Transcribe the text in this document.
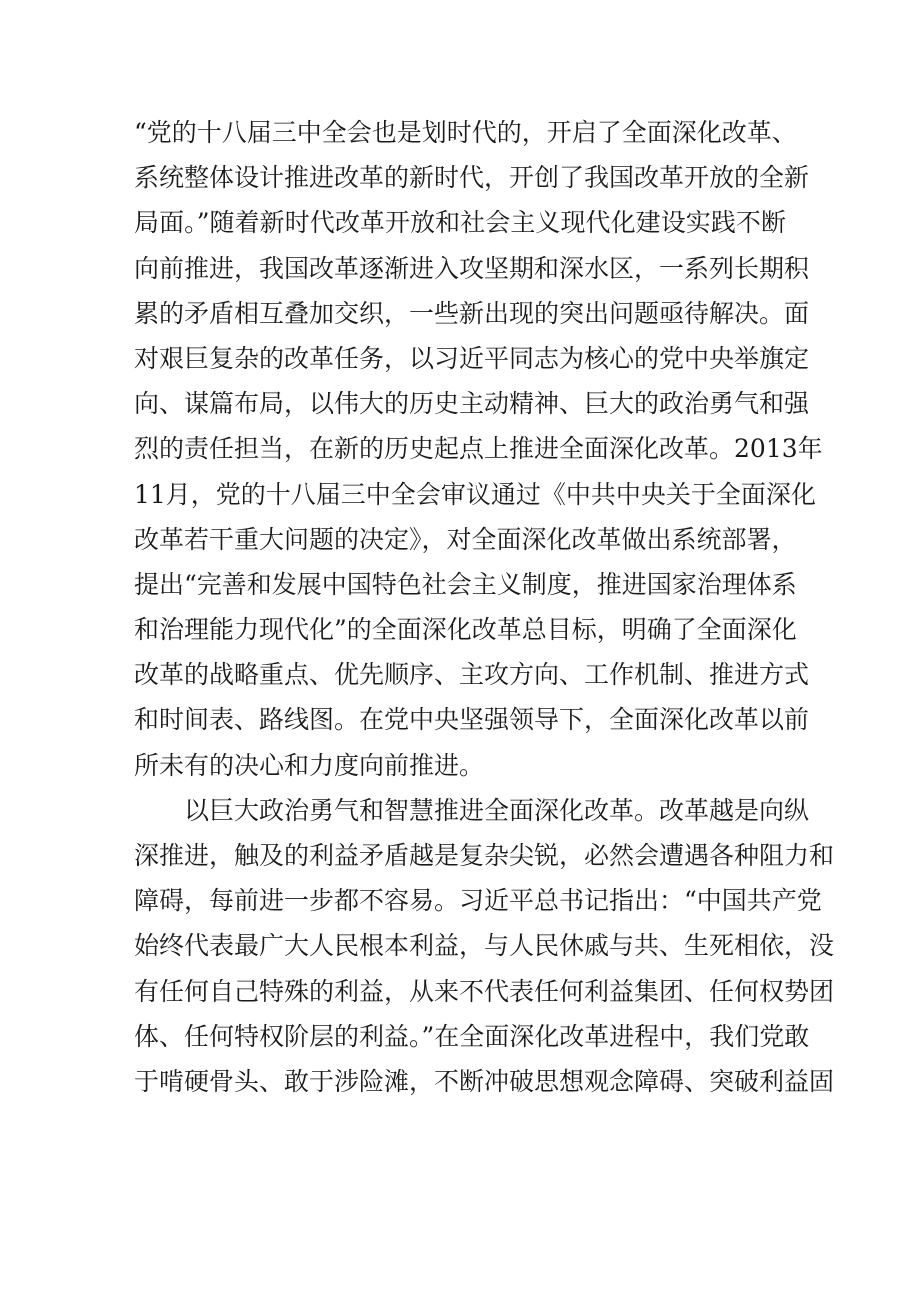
“党的十八届三中全会也是划时代的，开启了全面深化改革、
系统整体设计推进改革的新时代，开创了我国改革开放的全新
局面。”随着新时代改革开放和社会主义现代化建设实践不断
向前推进，我国改革逐渐进入攻坚期和深水区，一系列长期积
累的矛盾相互叠加交织，一些新出现的突出问题亟待解决。面
对艰巨复杂的改革任务，以习近平同志为核心的党中央举旗定
向、谋篇布局，以伟大的历史主动精神、巨大的政治勇气和强
烈的责任担当，在新的历史起点上推进全面深化改革。2013年
11月，党的十八届三中全会审议通过《中共中央关于全面深化
改革若干重大问题的决定》，对全面深化改革做出系统部署，
提出“完善和发展中国特色社会主义制度，推进国家治理体系
和治理能力现代化”的全面深化改革总目标，明确了全面深化
改革的战略重点、优先顺序、主攻方向、工作机制、推进方式
和时间表、路线图。在党中央坚强领导下，全面深化改革以前
所未有的决心和力度向前推进。
以巨大政治勇气和智慧推进全面深化改革。改革越是向纵
深推进，触及的利益矛盾越是复杂尖锐，必然会遭遇各种阻力和
障碍，每前进一步都不容易。习近平总书记指出：“中国共产党
始终代表最广大人民根本利益，与人民休戚与共、生死相依，没
有任何自己特殊的利益，从来不代表任何利益集团、任何权势团
体、任何特权阶层的利益。”在全面深化改革进程中，我们党敢
于啃硬骨头、敢于涉险滩，不断冲破思想观念障碍、突破利益固
